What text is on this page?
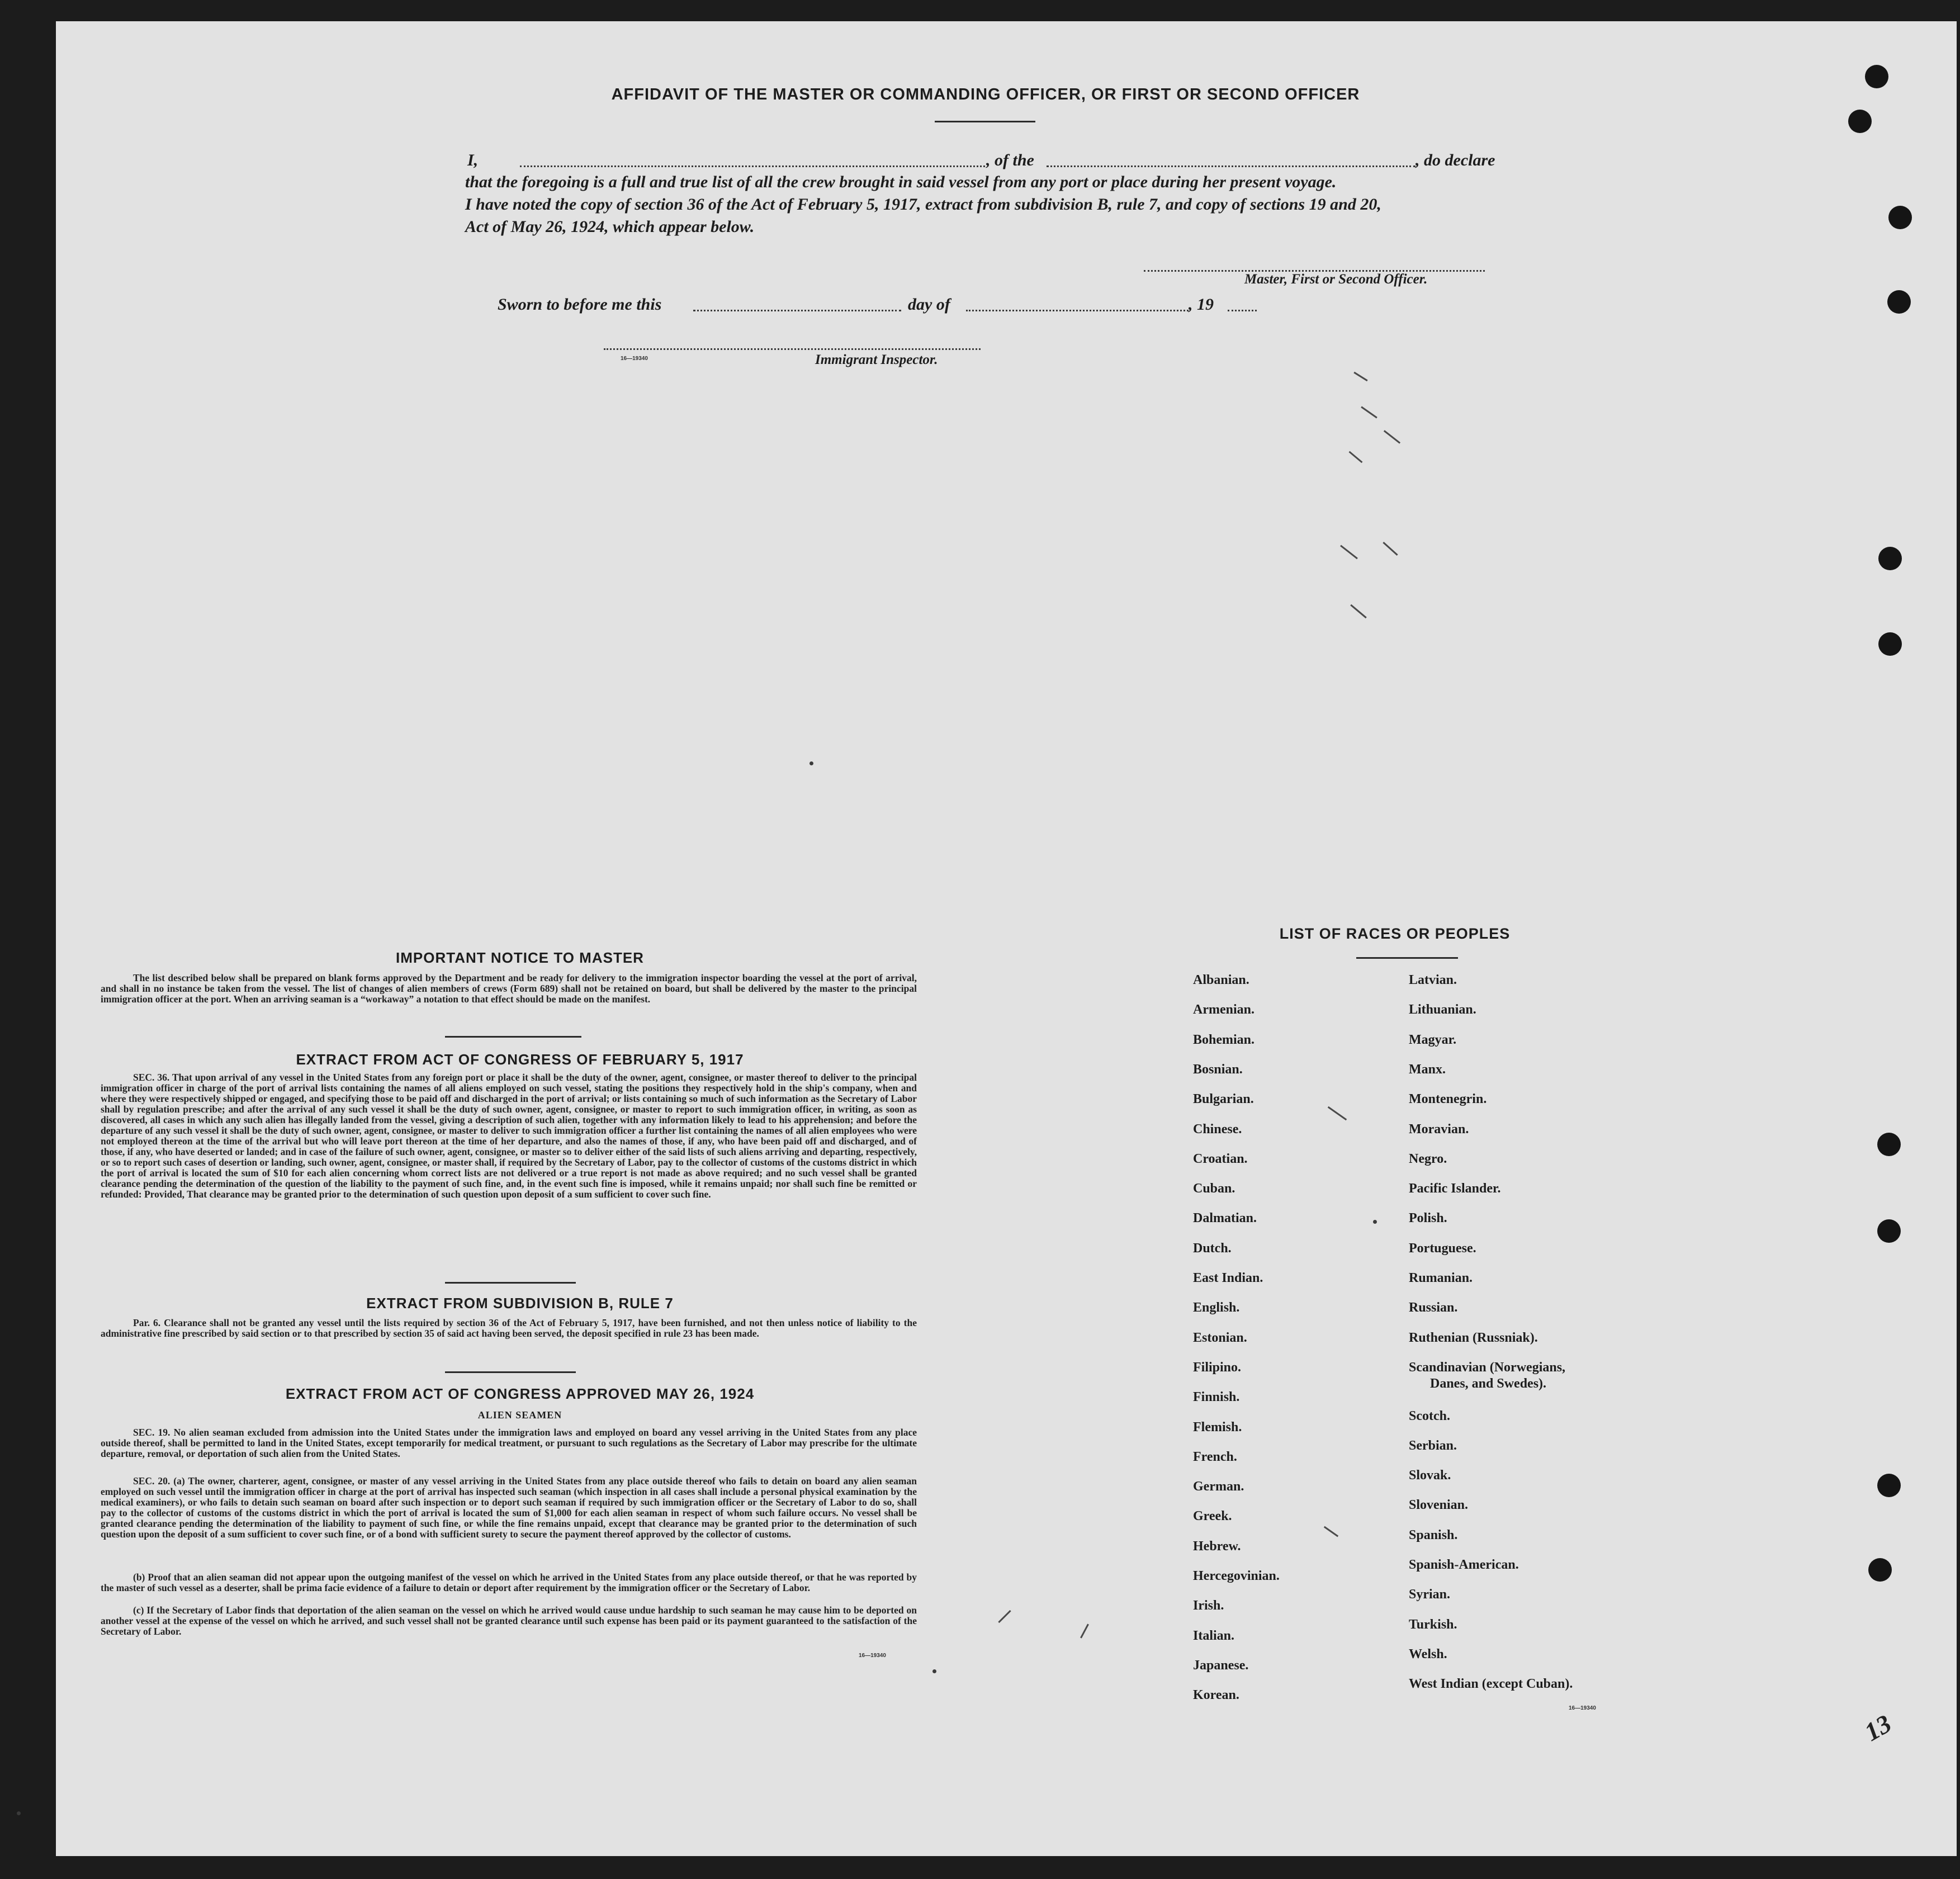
AFFIDAVIT OF THE MASTER OR COMMANDING OFFICER, OR FIRST OR SECOND OFFICER
I,	, of the	, do declare
that the foregoing is a full and true list of all the crew brought in said vessel from any port or place during her present voyage.
I have noted the copy of section 36 of the Act of February 5, 1917, extract from subdivision B, rule 7, and copy of sections 19 and 20,
Act of May 26, 1924, which appear below.
Master, First or Second Officer.
Sworn to before me this	day of	, 19
16—19340	Immigrant Inspector.
IMPORTANT NOTICE TO MASTER
The list described below shall be prepared on blank forms approved by the Department and be ready for delivery to the immigration inspector boarding the vessel at the port of arrival, and shall in no instance be taken from the vessel. The list of changes of alien members of crews (Form 689) shall not be retained on board, but shall be delivered by the master to the principal immigration officer at the port. When an arriving seaman is a “workaway” a notation to that effect should be made on the manifest.
EXTRACT FROM ACT OF CONGRESS OF FEBRUARY 5, 1917
SEC. 36. That upon arrival of any vessel in the United States from any foreign port or place it shall be the duty of the owner, agent, consignee, or master thereof to deliver to the principal immigration officer in charge of the port of arrival lists containing the names of all aliens employed on such vessel, stating the positions they respectively hold in the ship's company, when and where they were respectively shipped or engaged, and specifying those to be paid off and discharged in the port of arrival; or lists containing so much of such information as the Secretary of Labor shall by regulation prescribe; and after the arrival of any such vessel it shall be the duty of such owner, agent, consignee, or master to report to such immigration officer, in writing, as soon as discovered, all cases in which any such alien has illegally landed from the vessel, giving a description of such alien, together with any information likely to lead to his apprehension; and before the departure of any such vessel it shall be the duty of such owner, agent, consignee, or master to deliver to such immigration officer a further list containing the names of all alien employees who were not employed thereon at the time of the arrival but who will leave port thereon at the time of her departure, and also the names of those, if any, who have been paid off and discharged, and of those, if any, who have deserted or landed; and in case of the failure of such owner, agent, consignee, or master so to deliver either of the said lists of such aliens arriving and departing, respectively, or so to report such cases of desertion or landing, such owner, agent, consignee, or master shall, if required by the Secretary of Labor, pay to the collector of customs of the customs district in which the port of arrival is located the sum of $10 for each alien concerning whom correct lists are not delivered or a true report is not made as above required; and no such vessel shall be granted clearance pending the determination of the question of the liability to the payment of such fine, and, in the event such fine is imposed, while it remains unpaid; nor shall such fine be remitted or refunded: Provided, That clearance may be granted prior to the determination of such question upon deposit of a sum sufficient to cover such fine.
EXTRACT FROM SUBDIVISION B, RULE 7
Par. 6. Clearance shall not be granted any vessel until the lists required by section 36 of the Act of February 5, 1917, have been furnished, and not then unless notice of liability to the administrative fine prescribed by said section or to that prescribed by section 35 of said act having been served, the deposit specified in rule 23 has been made.
EXTRACT FROM ACT OF CONGRESS APPROVED MAY 26, 1924
ALIEN SEAMEN
SEC. 19. No alien seaman excluded from admission into the United States under the immigration laws and employed on board any vessel arriving in the United States from any place outside thereof, shall be permitted to land in the United States, except temporarily for medical treatment, or pursuant to such regulations as the Secretary of Labor may prescribe for the ultimate departure, removal, or deportation of such alien from the United States.
SEC. 20. (a) The owner, charterer, agent, consignee, or master of any vessel arriving in the United States from any place outside thereof who fails to detain on board any alien seaman employed on such vessel until the immigration officer in charge at the port of arrival has inspected such seaman (which inspection in all cases shall include a personal physical examination by the medical examiners), or who fails to detain such seaman on board after such inspection or to deport such seaman if required by such immigration officer or the Secretary of Labor to do so, shall pay to the collector of customs of the customs district in which the port of arrival is located the sum of $1,000 for each alien seaman in respect of whom such failure occurs. No vessel shall be granted clearance pending the determination of the liability to payment of such fine, or while the fine remains unpaid, except that clearance may be granted prior to the determination of such question upon the deposit of a sum sufficient to cover such fine, or of a bond with sufficient surety to secure the payment thereof approved by the collector of customs.
(b) Proof that an alien seaman did not appear upon the outgoing manifest of the vessel on which he arrived in the United States from any place outside thereof, or that he was reported by the master of such vessel as a deserter, shall be prima facie evidence of a failure to detain or deport after requirement by the immigration officer or the Secretary of Labor.
(c) If the Secretary of Labor finds that deportation of the alien seaman on the vessel on which he arrived would cause undue hardship to such seaman he may cause him to be deported on another vessel at the expense of the vessel on which he arrived, and such vessel shall not be granted clearance until such expense has been paid or its payment guaranteed to the satisfaction of the Secretary of Labor.
16—19340
LIST OF RACES OR PEOPLES
Albanian.
Armenian.
Bohemian.
Bosnian.
Bulgarian.
Chinese.
Croatian.
Cuban.
Dalmatian.
Dutch.
East Indian.
English.
Estonian.
Filipino.
Finnish.
Flemish.
French.
German.
Greek.
Hebrew.
Hercegovinian.
Irish.
Italian.
Japanese.
Korean.
Latvian.
Lithuanian.
Magyar.
Manx.
Montenegrin.
Moravian.
Negro.
Pacific Islander.
Polish.
Portuguese.
Rumanian.
Russian.
Ruthenian (Russniak).
Scandinavian (Norwegians,
Danes, and Swedes).
Scotch.
Serbian.
Slovak.
Slovenian.
Spanish.
Spanish-American.
Syrian.
Turkish.
Welsh.
West Indian (except Cuban).
16—19340
13
